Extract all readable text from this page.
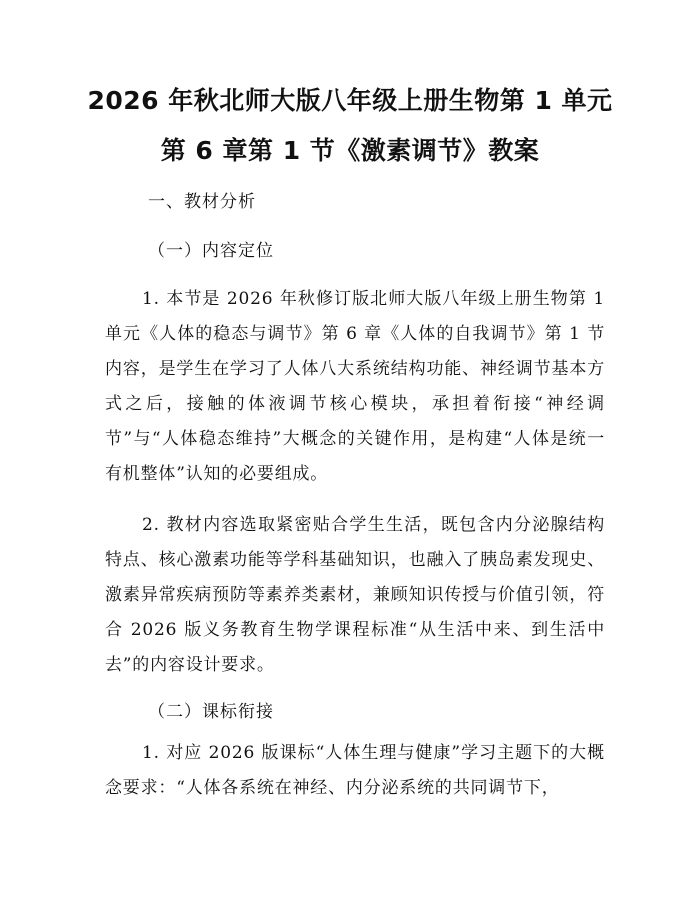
2026 年秋北师大版八年级上册生物第 1 单元
第 6 章第 1 节《激素调节》教案
一、教材分析
（一）内容定位

1. 本节是 2026 年秋修订版北师大版八年级上册生物第 1 单元《人体的稳态与调节》第 6 章《人体的自我调节》第 1 节内容，是学生在学习了人体八大系统结构功能、神经调节基本方式之后，接触的体液调节核心模块，承担着衔接“神经调节”与“人体稳态维持”大概念的关键作用，是构建“人体是统一有机整体”认知的必要组成。

2. 教材内容选取紧密贴合学生生活，既包含内分泌腺结构特点、核心激素功能等学科基础知识，也融入了胰岛素发现史、激素异常疾病预防等素养类素材，兼顾知识传授与价值引领，符合 2026 版义务教育生物学课程标准“从生活中来、到生活中去”的内容设计要求。

（二）课标衔接

1. 对应 2026 版课标“人体生理与健康”学习主题下的大概念要求：“人体各系统在神经、内分泌系统的共同调节下，
